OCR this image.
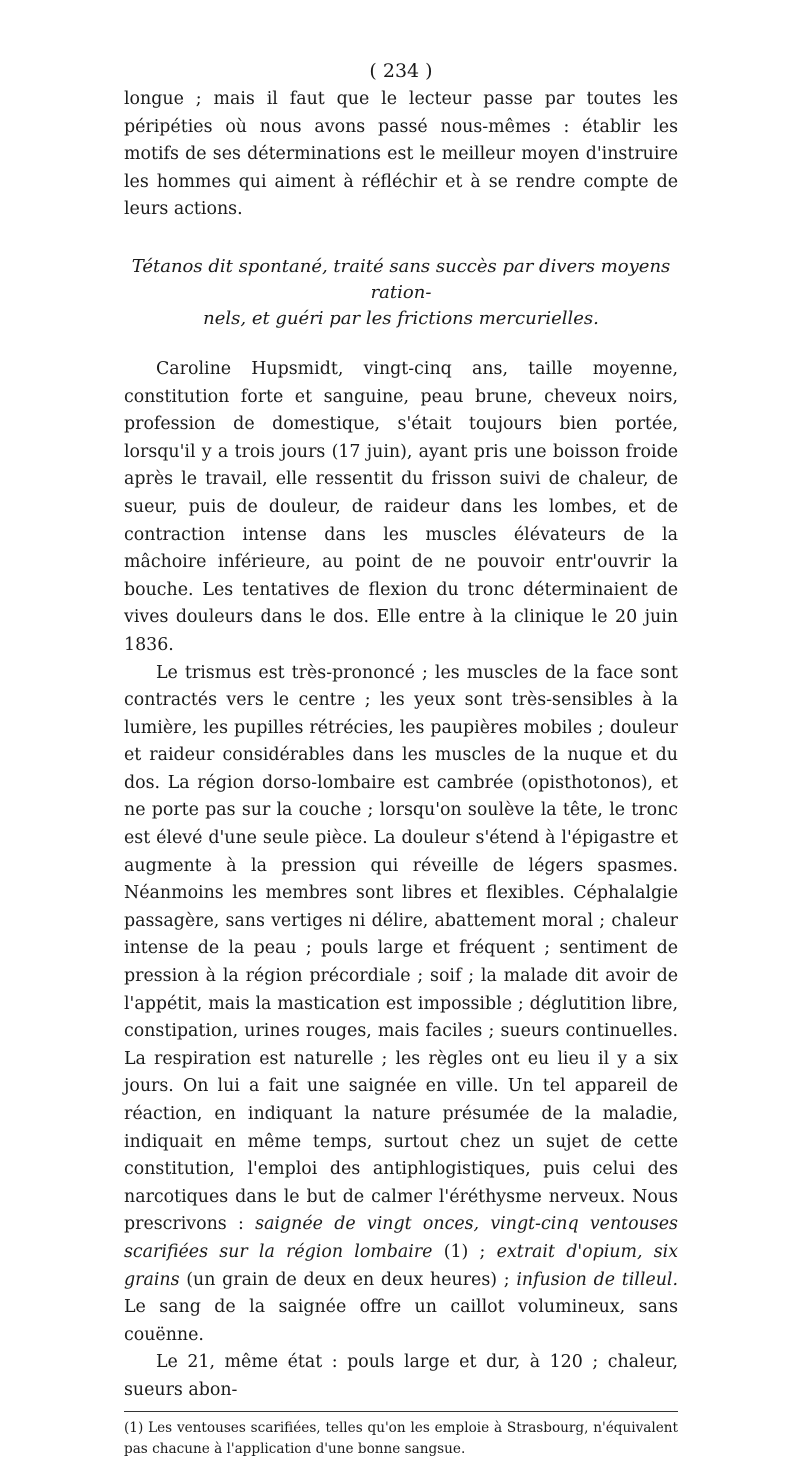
( 234 )

longue ; mais il faut que le lecteur passe par toutes les péripéties où nous avons passé nous-mêmes : établir les motifs de ses déterminations est le meilleur moyen d'instruire les hommes qui aiment à réfléchir et à se rendre compte de leurs actions.

Tétanos dit spontané, traité sans succès par divers moyens ration-
nels, et guéri par les frictions mercurielles.

Caroline Hupsmidt, vingt-cinq ans, taille moyenne, constitution forte et sanguine, peau brune, cheveux noirs, profession de domestique, s'était toujours bien portée, lorsqu'il y a trois jours (17 juin), ayant pris une boisson froide après le travail, elle ressentit du frisson suivi de chaleur, de sueur, puis de douleur, de raideur dans les lombes, et de contraction intense dans les muscles élévateurs de la mâchoire inférieure, au point de ne pouvoir entr'ouvrir la bouche. Les tentatives de flexion du tronc déterminaient de vives douleurs dans le dos. Elle entre à la clinique le 20 juin 1836.

Le trismus est très-prononcé ; les muscles de la face sont contractés vers le centre ; les yeux sont très-sensibles à la lumière, les pupilles rétrécies, les paupières mobiles ; douleur et raideur considérables dans les muscles de la nuque et du dos. La région dorso-lombaire est cambrée (opisthotonos), et ne porte pas sur la couche ; lorsqu'on soulève la tête, le tronc est élevé d'une seule pièce. La douleur s'étend à l'épigastre et augmente à la pression qui réveille de légers spasmes. Néanmoins les membres sont libres et flexibles. Céphalalgie passagère, sans vertiges ni délire, abattement moral ; chaleur intense de la peau ; pouls large et fréquent ; sentiment de pression à la région précordiale ; soif ; la malade dit avoir de l'appétit, mais la mastication est impossible ; déglutition libre, constipation, urines rouges, mais faciles ; sueurs continuelles. La respiration est naturelle ; les règles ont eu lieu il y a six jours. On lui a fait une saignée en ville. Un tel appareil de réaction, en indiquant la nature présumée de la maladie, indiquait en même temps, surtout chez un sujet de cette constitution, l'emploi des antiphlogistiques, puis celui des narcotiques dans le but de calmer l'éréthysme nerveux. Nous prescrivons : saignée de vingt onces, vingt-cinq ventouses scarifiées sur la région lombaire (1) ; extrait d'opium, six grains (un grain de deux en deux heures) ; infusion de tilleul. Le sang de la saignée offre un caillot volumineux, sans couënne.

Le 21, même état : pouls large et dur, à 120 ; chaleur, sueurs abon-

(1) Les ventouses scarifiées, telles qu'on les emploie à Strasbourg, n'équivalent pas chacune à l'application d'une bonne sangsue.
